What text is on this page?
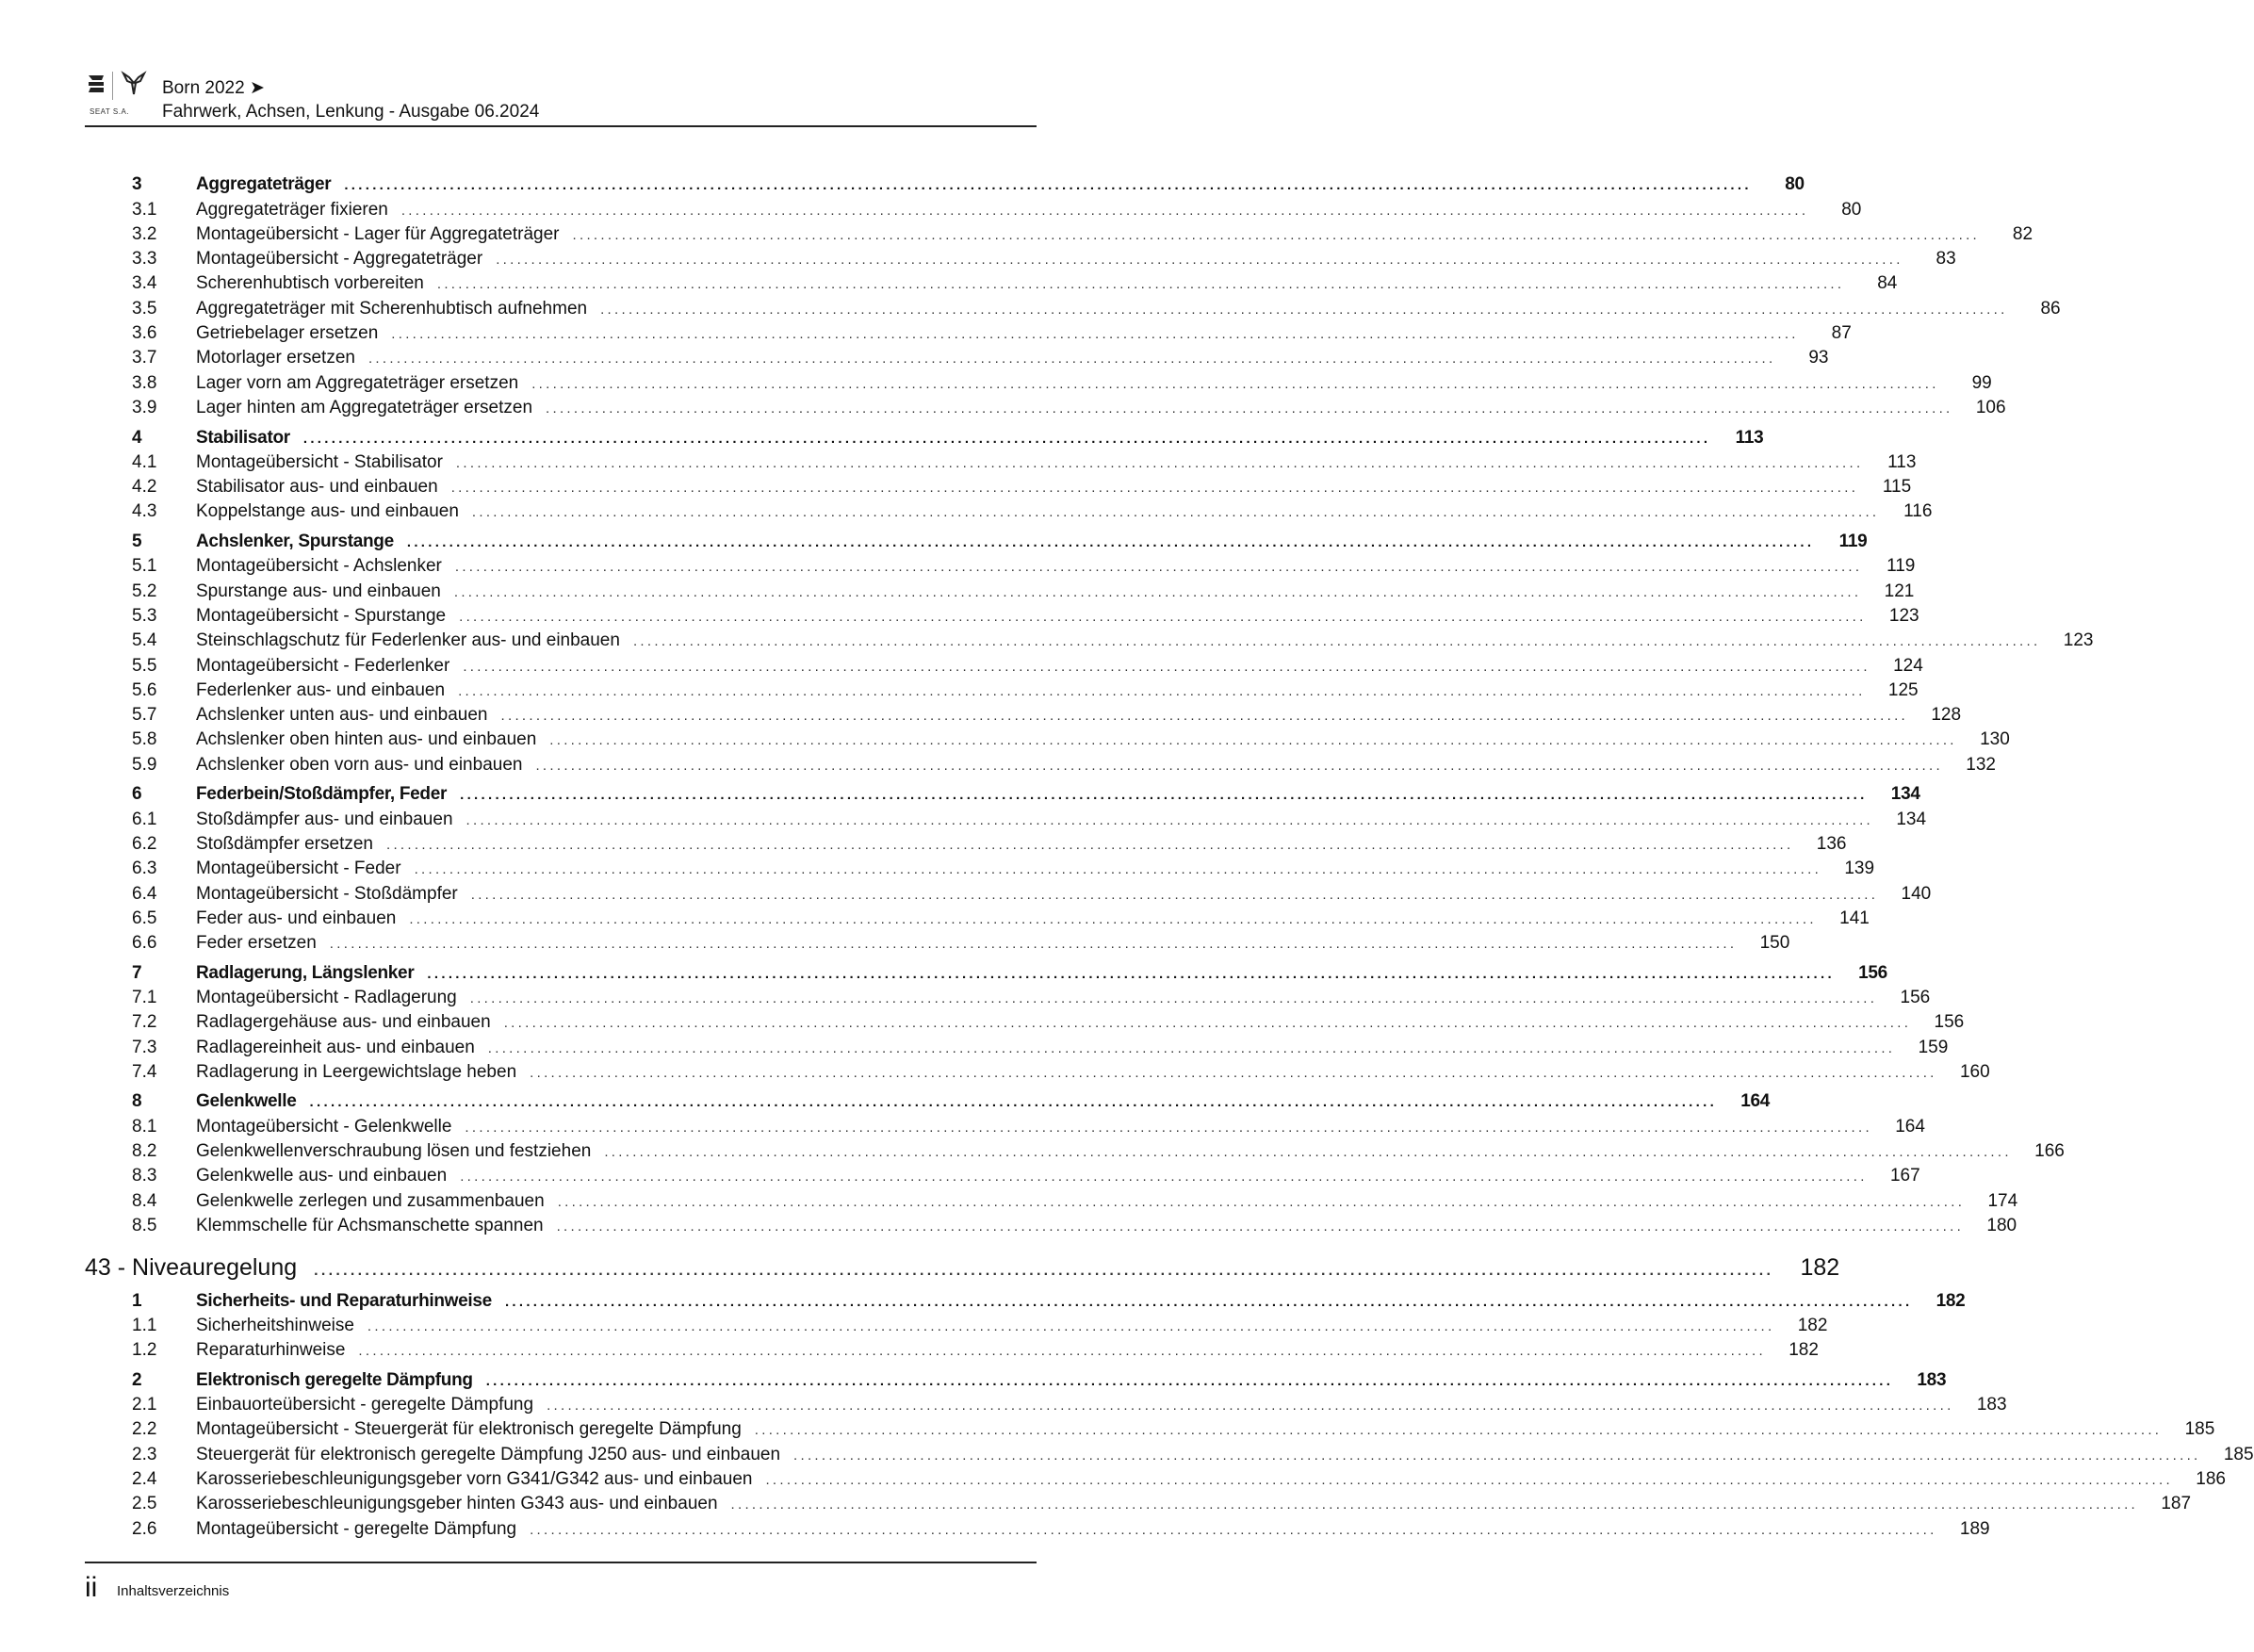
SEAT S.A.
Born 2022 ➤
Fahrwerk, Achsen, Lenkung - Ausgabe 06.2024
3	Aggregateträger ........................................................................................................................................................................................................	80
3.1	Aggregateträger fixieren ........................................................................................................................................................................................................	80
3.2	Montageübersicht - Lager für Aggregateträger ........................................................................................................................................................................................................	82
3.3	Montageübersicht - Aggregateträger ........................................................................................................................................................................................................	83
3.4	Scherenhubtisch vorbereiten ........................................................................................................................................................................................................	84
3.5	Aggregateträger mit Scherenhubtisch aufnehmen ........................................................................................................................................................................................................	86
3.6	Getriebelager ersetzen ........................................................................................................................................................................................................	87
3.7	Motorlager ersetzen ........................................................................................................................................................................................................	93
3.8	Lager vorn am Aggregateträger ersetzen ........................................................................................................................................................................................................	99
3.9	Lager hinten am Aggregateträger ersetzen ........................................................................................................................................................................................................	106
4	Stabilisator ........................................................................................................................................................................................................	113
4.1	Montageübersicht - Stabilisator ........................................................................................................................................................................................................	113
4.2	Stabilisator aus- und einbauen ........................................................................................................................................................................................................	115
4.3	Koppelstange aus- und einbauen ........................................................................................................................................................................................................	116
5	Achslenker, Spurstange ........................................................................................................................................................................................................	119
5.1	Montageübersicht - Achslenker ........................................................................................................................................................................................................	119
5.2	Spurstange aus- und einbauen ........................................................................................................................................................................................................	121
5.3	Montageübersicht - Spurstange ........................................................................................................................................................................................................	123
5.4	Steinschlagschutz für Federlenker aus- und einbauen ........................................................................................................................................................................................................	123
5.5	Montageübersicht - Federlenker ........................................................................................................................................................................................................	124
5.6	Federlenker aus- und einbauen ........................................................................................................................................................................................................	125
5.7	Achslenker unten aus- und einbauen ........................................................................................................................................................................................................	128
5.8	Achslenker oben hinten aus- und einbauen ........................................................................................................................................................................................................	130
5.9	Achslenker oben vorn aus- und einbauen ........................................................................................................................................................................................................	132
6	Federbein/Stoßdämpfer, Feder ........................................................................................................................................................................................................	134
6.1	Stoßdämpfer aus- und einbauen ........................................................................................................................................................................................................	134
6.2	Stoßdämpfer ersetzen ........................................................................................................................................................................................................	136
6.3	Montageübersicht - Feder ........................................................................................................................................................................................................	139
6.4	Montageübersicht - Stoßdämpfer ........................................................................................................................................................................................................	140
6.5	Feder aus- und einbauen ........................................................................................................................................................................................................	141
6.6	Feder ersetzen ........................................................................................................................................................................................................	150
7	Radlagerung, Längslenker ........................................................................................................................................................................................................	156
7.1	Montageübersicht - Radlagerung ........................................................................................................................................................................................................	156
7.2	Radlagergehäuse aus- und einbauen ........................................................................................................................................................................................................	156
7.3	Radlagereinheit aus- und einbauen ........................................................................................................................................................................................................	159
7.4	Radlagerung in Leergewichtslage heben ........................................................................................................................................................................................................	160
8	Gelenkwelle ........................................................................................................................................................................................................	164
8.1	Montageübersicht - Gelenkwelle ........................................................................................................................................................................................................	164
8.2	Gelenkwellenverschraubung lösen und festziehen ........................................................................................................................................................................................................	166
8.3	Gelenkwelle aus- und einbauen ........................................................................................................................................................................................................	167
8.4	Gelenkwelle zerlegen und zusammenbauen ........................................................................................................................................................................................................	174
8.5	Klemmschelle für Achsmanschette spannen ........................................................................................................................................................................................................	180
43 - Niveauregelung ........................................................................................................................................................................................................ 182
1	Sicherheits- und Reparaturhinweise ........................................................................................................................................................................................................	182
1.1	Sicherheitshinweise ........................................................................................................................................................................................................	182
1.2	Reparaturhinweise ........................................................................................................................................................................................................	182
2	Elektronisch geregelte Dämpfung ........................................................................................................................................................................................................	183
2.1	Einbauorteübersicht - geregelte Dämpfung ........................................................................................................................................................................................................	183
2.2	Montageübersicht - Steuergerät für elektronisch geregelte Dämpfung ........................................................................................................................................................................................................	185
2.3	Steuergerät für elektronisch geregelte Dämpfung J250 aus- und einbauen ........................................................................................................................................................................................................	185
2.4	Karosseriebeschleunigungsgeber vorn G341/G342 aus- und einbauen ........................................................................................................................................................................................................	186
2.5	Karosseriebeschleunigungsgeber hinten G343 aus- und einbauen ........................................................................................................................................................................................................	187
2.6	Montageübersicht - geregelte Dämpfung ........................................................................................................................................................................................................	189
ii Inhaltsverzeichnis
